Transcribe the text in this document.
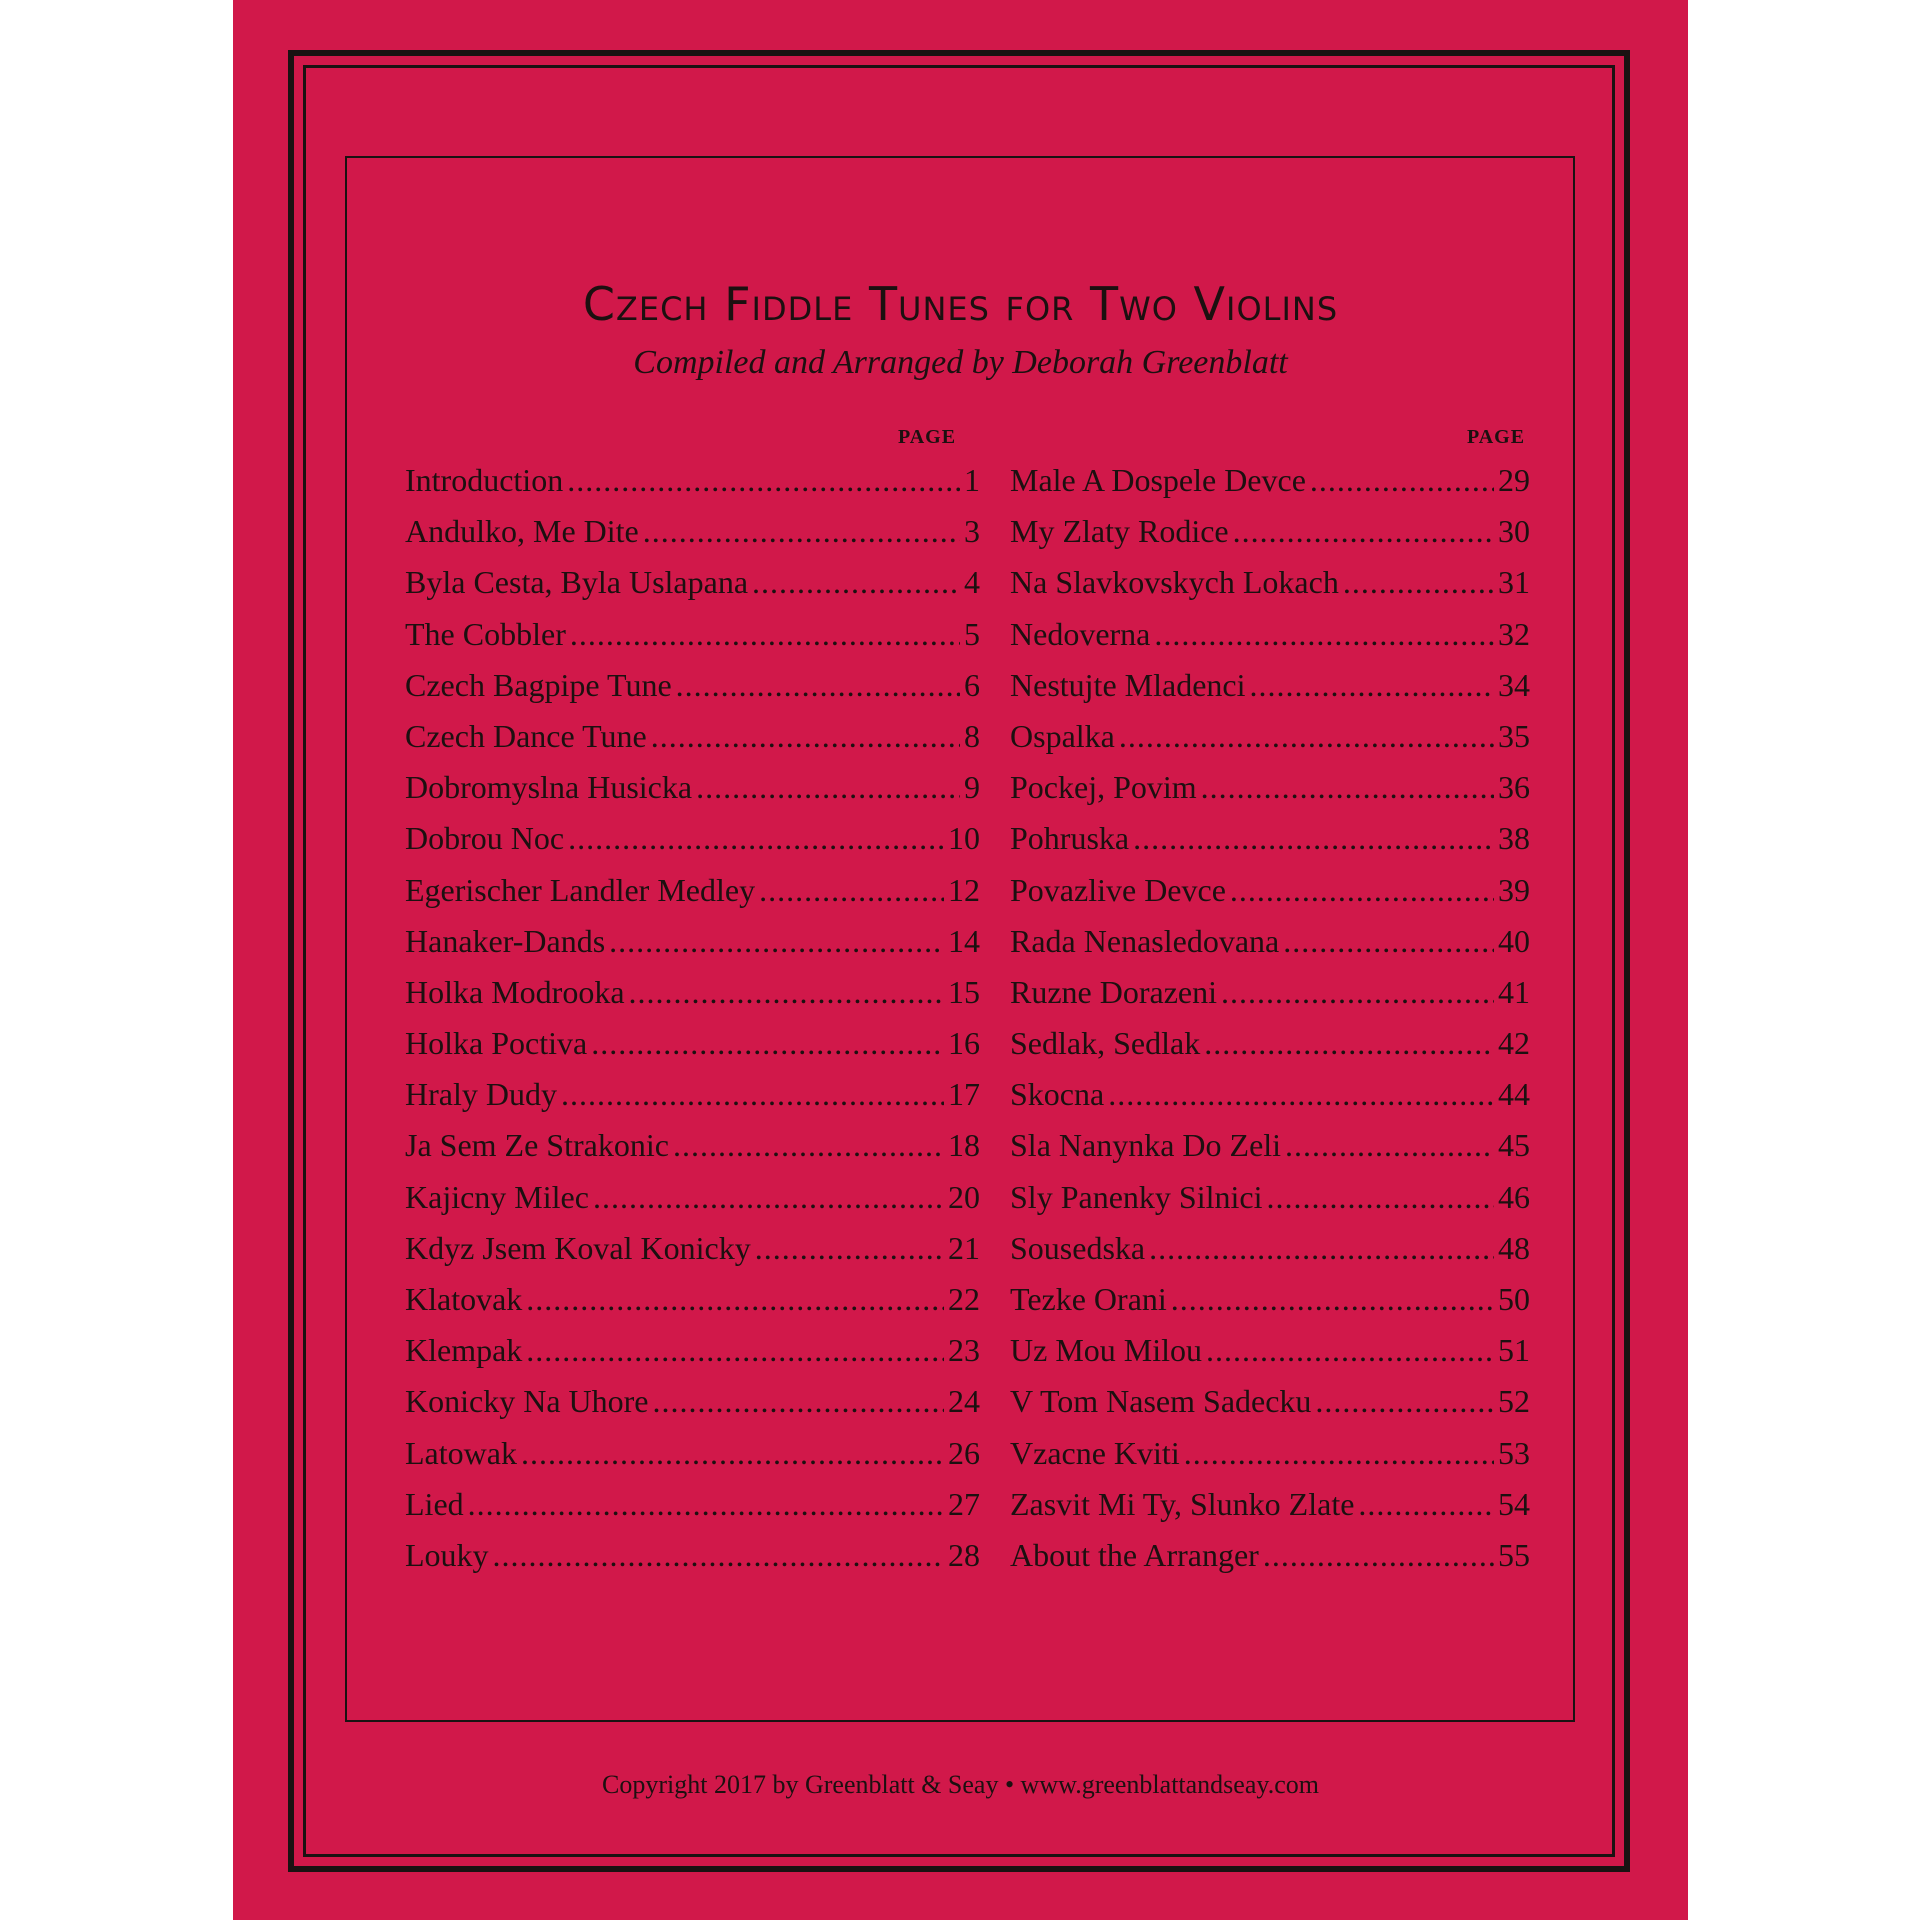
Czech Fiddle Tunes for Two Violins
Compiled and Arranged by Deborah Greenblatt
PAGE	PAGE
Introduction .....	1
Andulko, Me Dite .....	3
Byla Cesta, Byla Uslapana .....	4
The Cobbler .....	5
Czech Bagpipe Tune .....	6
Czech Dance Tune .....	8
Dobromyslna Husicka .....	9
Dobrou Noc .....	10
Egerischer Landler Medley .....	12
Hanaker-Dands .....	14
Holka Modrooka .....	15
Holka Poctiva .....	16
Hraly Dudy .....	17
Ja Sem Ze Strakonic .....	18
Kajicny Milec .....	20
Kdyz Jsem Koval Konicky .....	21
Klatovak .....	22
Klempak .....	23
Konicky Na Uhore .....	24
Latowak .....	26
Lied .....	27
Louky .....	28
Male A Dospele Devce .....	29
My Zlaty Rodice .....	30
Na Slavkovskych Lokach .....	31
Nedoverna .....	32
Nestujte Mladenci .....	34
Ospalka .....	35
Pockej, Povim .....	36
Pohruska .....	38
Povazlive Devce .....	39
Rada Nenasledovana .....	40
Ruzne Dorazeni .....	41
Sedlak, Sedlak .....	42
Skocna .....	44
Sla Nanynka Do Zeli .....	45
Sly Panenky Silnici .....	46
Sousedska .....	48
Tezke Orani .....	50
Uz Mou Milou .....	51
V Tom Nasem Sadecku .....	52
Vzacne Kviti .....	53
Zasvit Mi Ty, Slunko Zlate .....	54
About the Arranger .....	55
Copyright 2017 by Greenblatt & Seay • www.greenblattandseay.com
